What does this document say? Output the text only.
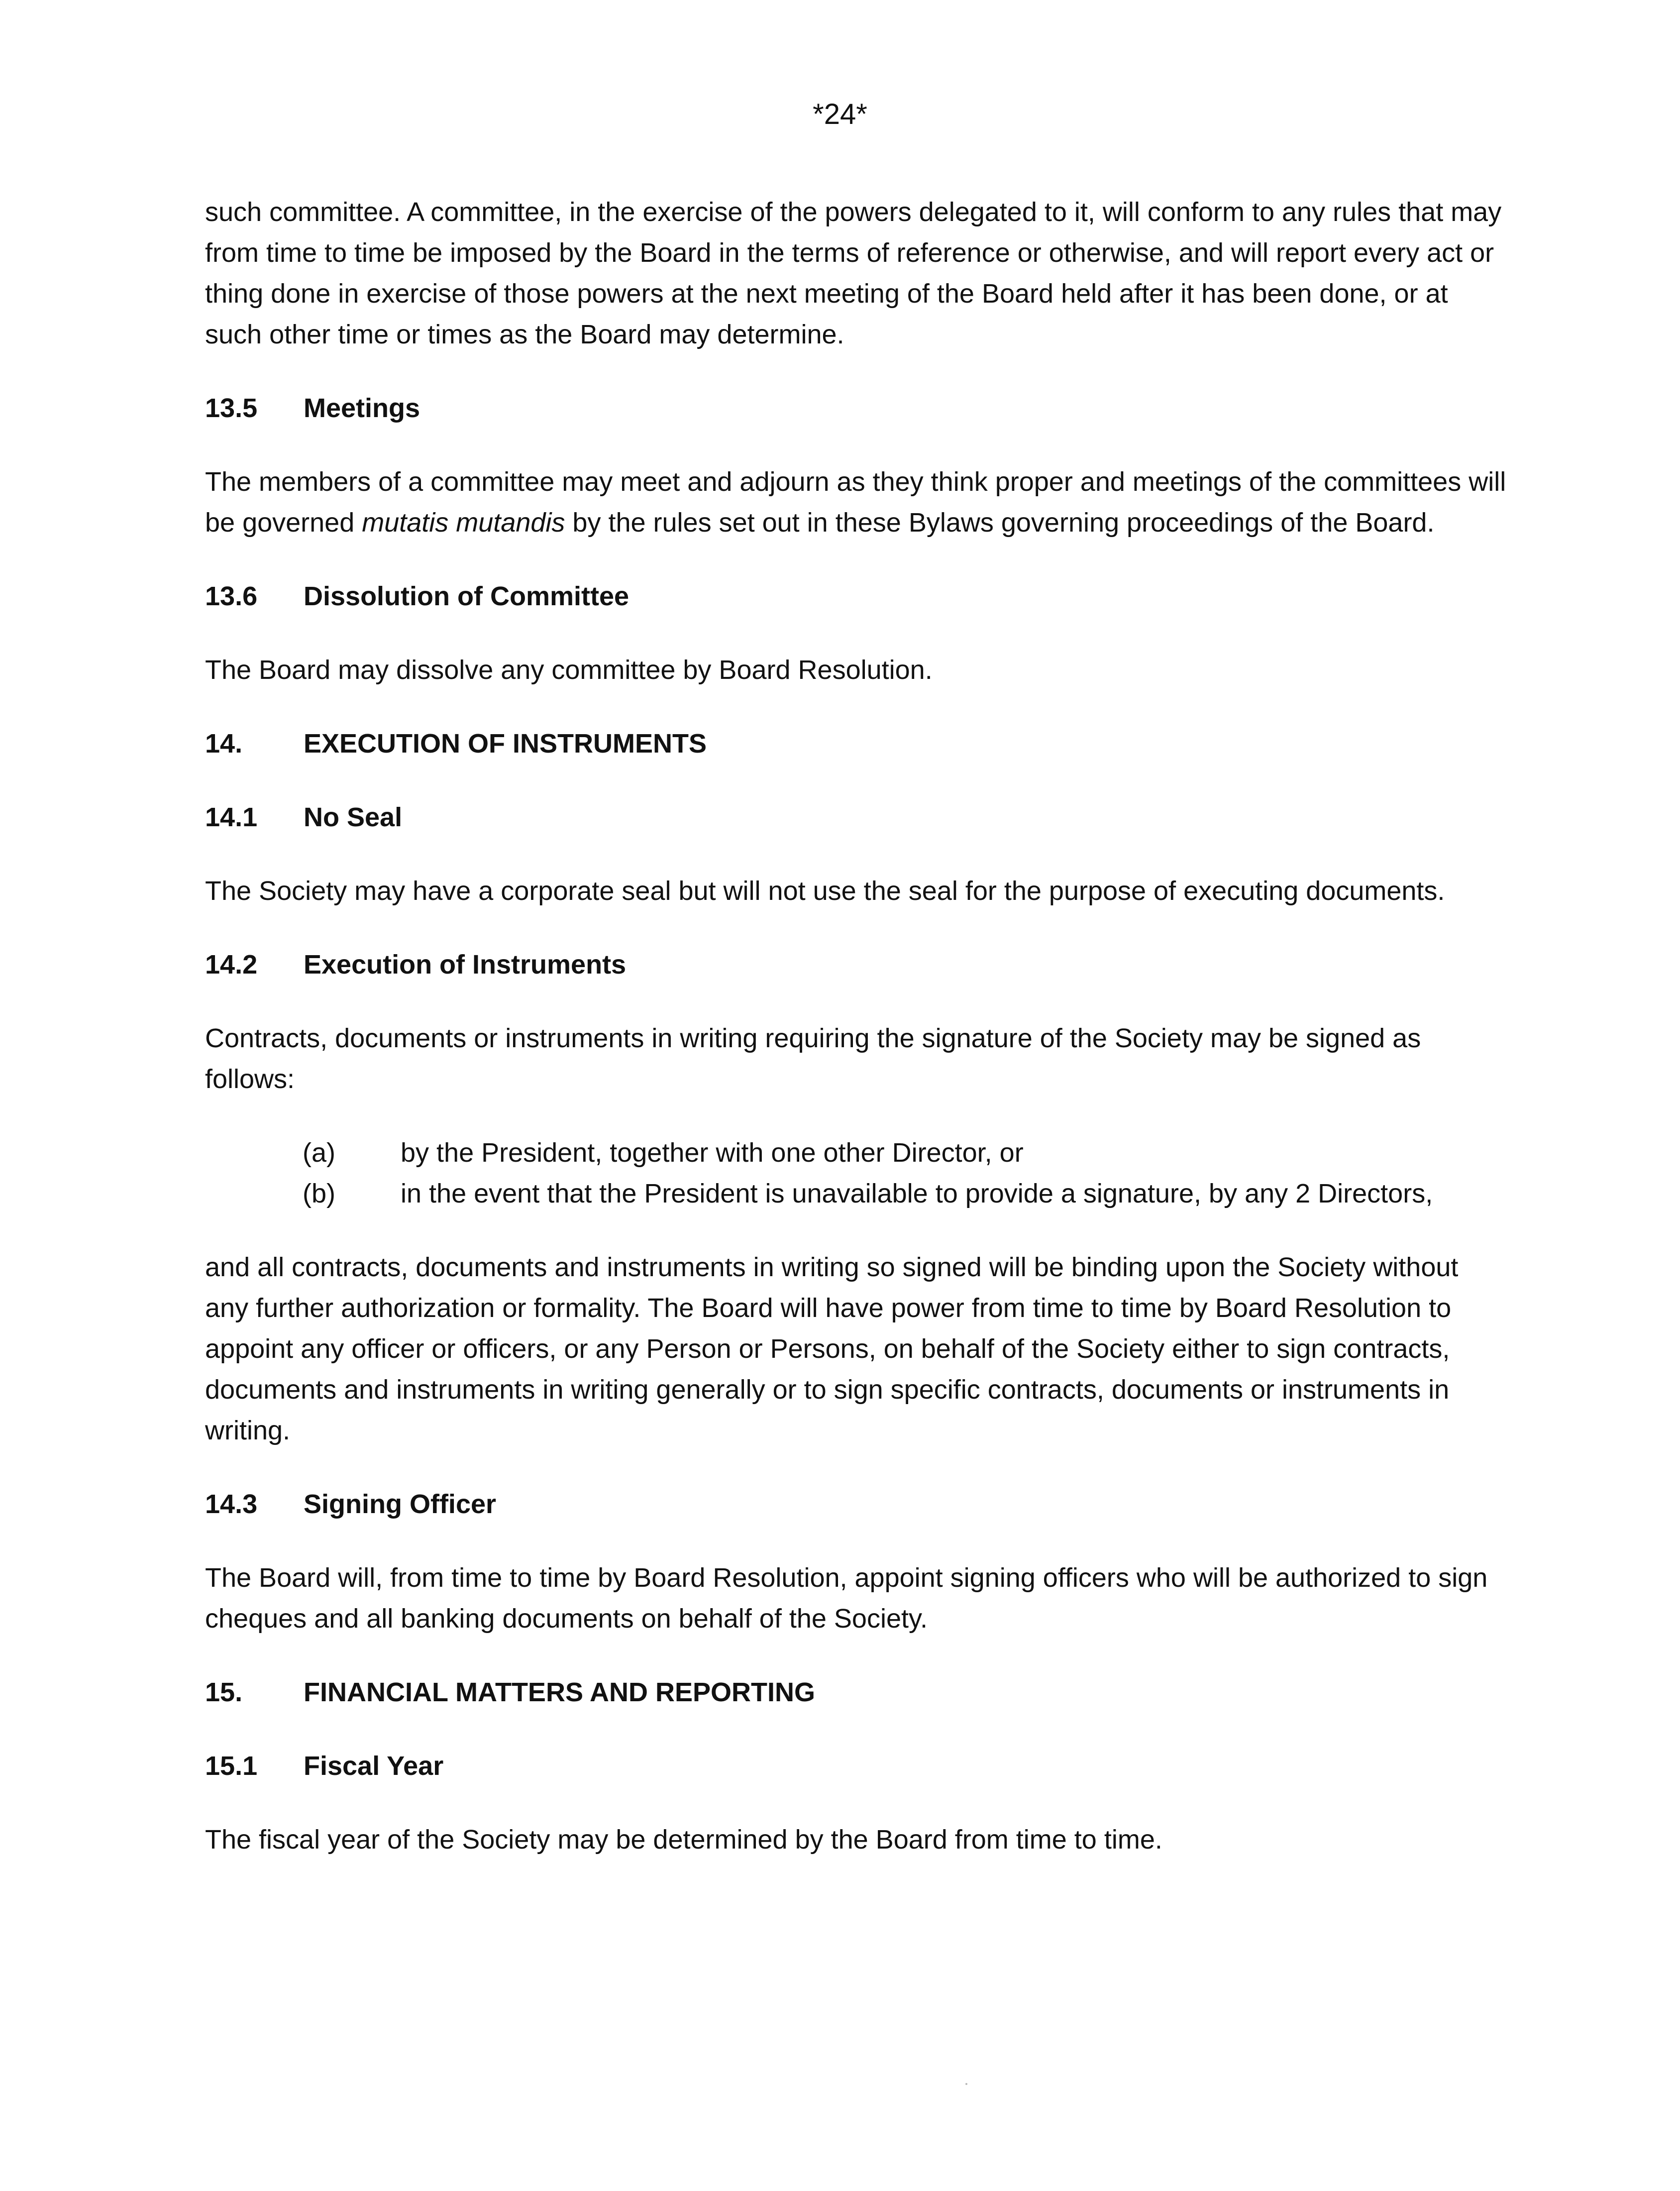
*24*

such committee. A committee, in the exercise of the powers delegated to it, will conform to any rules that may from time to time be imposed by the Board in the terms of reference or otherwise, and will report every act or thing done in exercise of those powers at the next meeting of the Board held after it has been done, or at such other time or times as the Board may determine.

13.5 Meetings

The members of a committee may meet and adjourn as they think proper and meetings of the committees will be governed mutatis mutandis by the rules set out in these Bylaws governing proceedings of the Board.

13.6 Dissolution of Committee

The Board may dissolve any committee by Board Resolution.

14. EXECUTION OF INSTRUMENTS

14.1 No Seal

The Society may have a corporate seal but will not use the seal for the purpose of executing documents.

14.2 Execution of Instruments

Contracts, documents or instruments in writing requiring the signature of the Society may be signed as follows:

(a)	by the President, together with one other Director, or
(b)	in the event that the President is unavailable to provide a signature, by any 2 Directors,

and all contracts, documents and instruments in writing so signed will be binding upon the Society without any further authorization or formality. The Board will have power from time to time by Board Resolution to appoint any officer or officers, or any Person or Persons, on behalf of the Society either to sign contracts, documents and instruments in writing generally or to sign specific contracts, documents or instruments in writing.

14.3 Signing Officer

The Board will, from time to time by Board Resolution, appoint signing officers who will be authorized to sign cheques and all banking documents on behalf of the Society.

15. FINANCIAL MATTERS AND REPORTING

15.1 Fiscal Year

The fiscal year of the Society may be determined by the Board from time to time.
